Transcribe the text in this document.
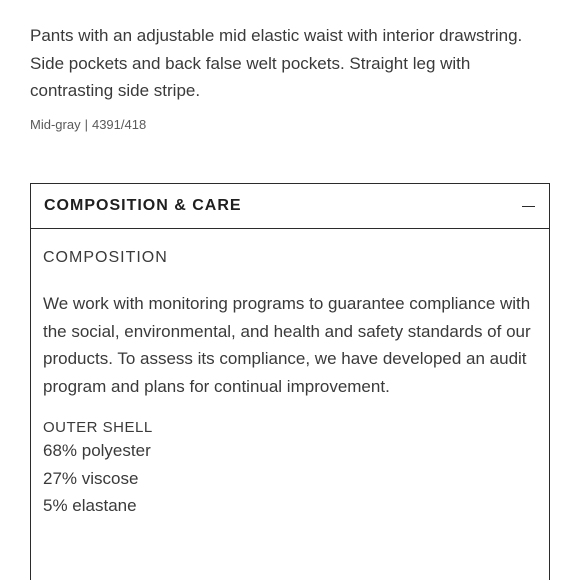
Pants with an adjustable mid elastic waist with interior drawstring. Side pockets and back false welt pockets. Straight leg with contrasting side stripe.

Mid-gray | 4391/418

COMPOSITION & CARE

COMPOSITION

We work with monitoring programs to guarantee compliance with the social, environmental, and health and safety standards of our products. To assess its compliance, we have developed an audit program and plans for continual improvement.

OUTER SHELL

68% polyester
27% viscose
5% elastane
